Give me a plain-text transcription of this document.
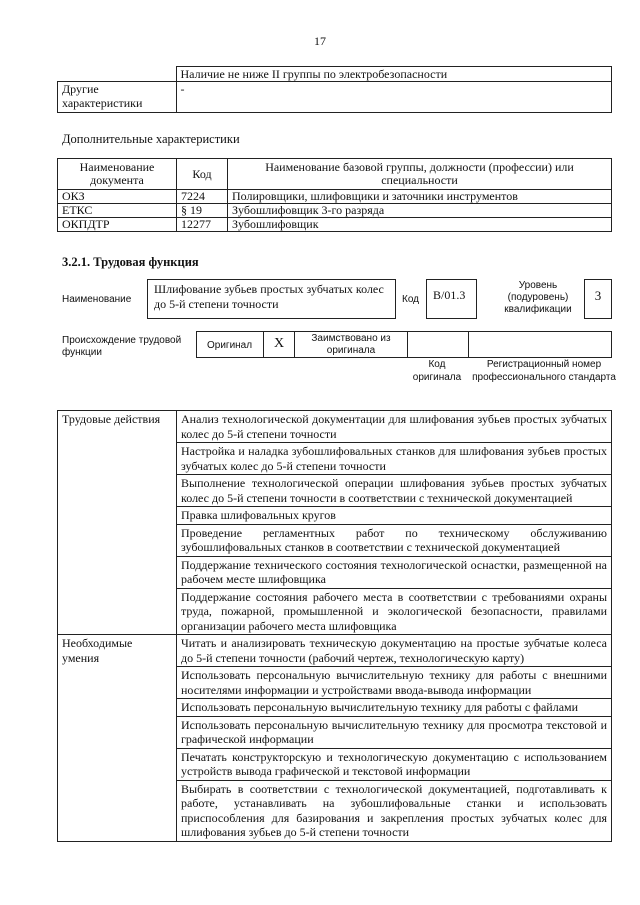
17
	Наличие не ниже II группы по электробезопасности
Другие характеристики	-
Дополнительные характеристики
Наименование документа	Код	Наименование базовой группы, должности (профессии) или специальности
ОКЗ	7224	Полировщики, шлифовщики и заточники инструментов
ЕТКС	§ 19	Зубошлифовщик 3-го разряда
ОКПДТР	12277	Зубошлифовщик
3.2.1. Трудовая функция
Наименование
Шлифование зубьев простых зубчатых колес до 5-й степени точности	Код	В/01.3
Уровень (подуровень) квалификации
3
Происхождение трудовой функции
Оригинал	X	Заимствовано из оригинала
Код оригинала
Регистрационный номер профессионального стандарта
Трудовые действия	Анализ технологической документации для шлифования зубьев простых зубчатых колес до 5-й степени точности
	Настройка и наладка зубошлифовальных станков для шлифования зубьев простых зубчатых колес до 5-й степени точности
	Выполнение технологической операции шлифования зубьев простых зубчатых колес до 5-й степени точности в соответствии с технической документацией
	Правка шлифовальных кругов
	Проведение регламентных работ по техническому обслуживанию зубошлифовальных станков в соответствии с технической документацией
	Поддержание технического состояния технологической оснастки, размещенной на рабочем месте шлифовщика
	Поддержание состояния рабочего места в соответствии с требованиями охраны труда, пожарной, промышленной и экологической безопасности, правилами организации рабочего места шлифовщика
Необходимые умения	Читать и анализировать техническую документацию на простые зубчатые колеса до 5-й степени точности (рабочий чертеж, технологическую карту)
	Использовать персональную вычислительную технику для работы с внешними носителями информации и устройствами ввода-вывода информации
	Использовать персональную вычислительную технику для работы с файлами
	Использовать персональную вычислительную технику для просмотра текстовой и графической информации
	Печатать конструкторскую и технологическую документацию с использованием устройств вывода графической и текстовой информации
	Выбирать в соответствии с технологической документацией, подготавливать к работе, устанавливать на зубошлифовальные станки и использовать приспособления для базирования и закрепления простых зубчатых колес для шлифования зубьев до 5-й степени точности
